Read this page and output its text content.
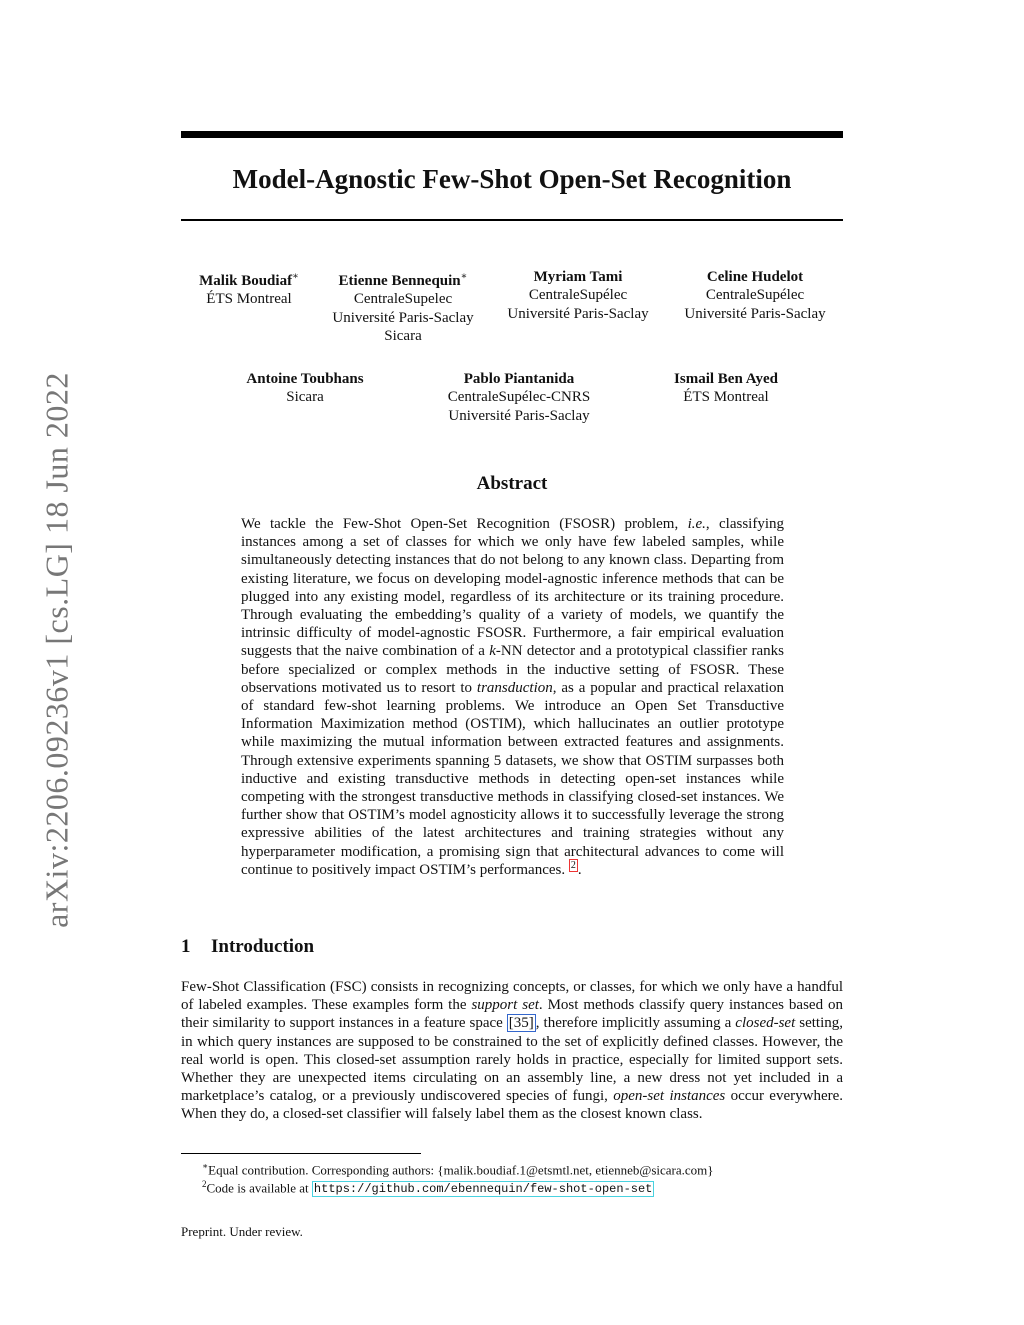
Model-Agnostic Few-Shot Open-Set Recognition
arXiv:2206.09236v1 [cs.LG] 18 Jun 2022
Malik Boudiaf∗
ÉTS Montreal
Etienne Bennequin∗
CentraleSupelec
Université Paris-Saclay
Sicara
Myriam Tami
CentraleSupélec
Université Paris-Saclay
Celine Hudelot
CentraleSupélec
Université Paris-Saclay
Antoine Toubhans
Sicara
Pablo Piantanida
CentraleSupélec-CNRS
Université Paris-Saclay
Ismail Ben Ayed
ÉTS Montreal
Abstract
We tackle the Few-Shot Open-Set Recognition (FSOSR) problem, i.e., classifying instances among a set of classes for which we only have few labeled samples, while simultaneously detecting instances that do not belong to any known class. Departing from existing literature, we focus on developing model-agnostic inference methods that can be plugged into any existing model, regardless of its architecture or its training procedure. Through evaluating the embedding’s quality of a variety of models, we quantify the intrinsic difficulty of model-agnostic FSOSR. Furthermore, a fair empirical evaluation suggests that the naive combination of a k-NN detector and a prototypical classifier ranks before specialized or complex methods in the inductive setting of FSOSR. These observations motivated us to resort to transduction, as a popular and practical relaxation of standard few-shot learning problems. We introduce an Open Set Transductive Information Maximization method (OSTIM), which hallucinates an outlier prototype while maximizing the mutual information between extracted features and assignments. Through extensive experiments spanning 5 datasets, we show that OSTIM surpasses both inductive and existing transductive methods in detecting open-set instances while competing with the strongest transductive methods in classifying closed-set instances. We further show that OSTIM’s model agnosticity allows it to successfully leverage the strong expressive abilities of the latest architectures and training strategies without any hyperparameter modification, a promising sign that architectural advances to come will continue to positively impact OSTIM’s performances. $^2$ .
1 Introduction
Few-Shot Classification (FSC) consists in recognizing concepts, or classes, for which we only have a handful of labeled examples. These examples form the support set. Most methods classify query instances based on their similarity to support instances in a feature space [35] , therefore implicitly assuming a closed-set setting, in which query instances are supposed to be constrained to the set of explicitly defined classes. However, the real world is open. This closed-set assumption rarely holds in practice, especially for limited support sets. Whether they are unexpected items circulating on an assembly line, a new dress not yet included in a marketplace’s catalog, or a previously undiscovered species of fungi, open-set instances occur everywhere. When they do, a closed-set classifier will falsely label them as the closest known class.
∗Equal contribution. Corresponding authors: {malik.boudiaf.1@etsmtl.net, etienneb@sicara.com}
$^2$Code is available at https://github.com/ebennequin/few-shot-open-set
Preprint. Under review.
